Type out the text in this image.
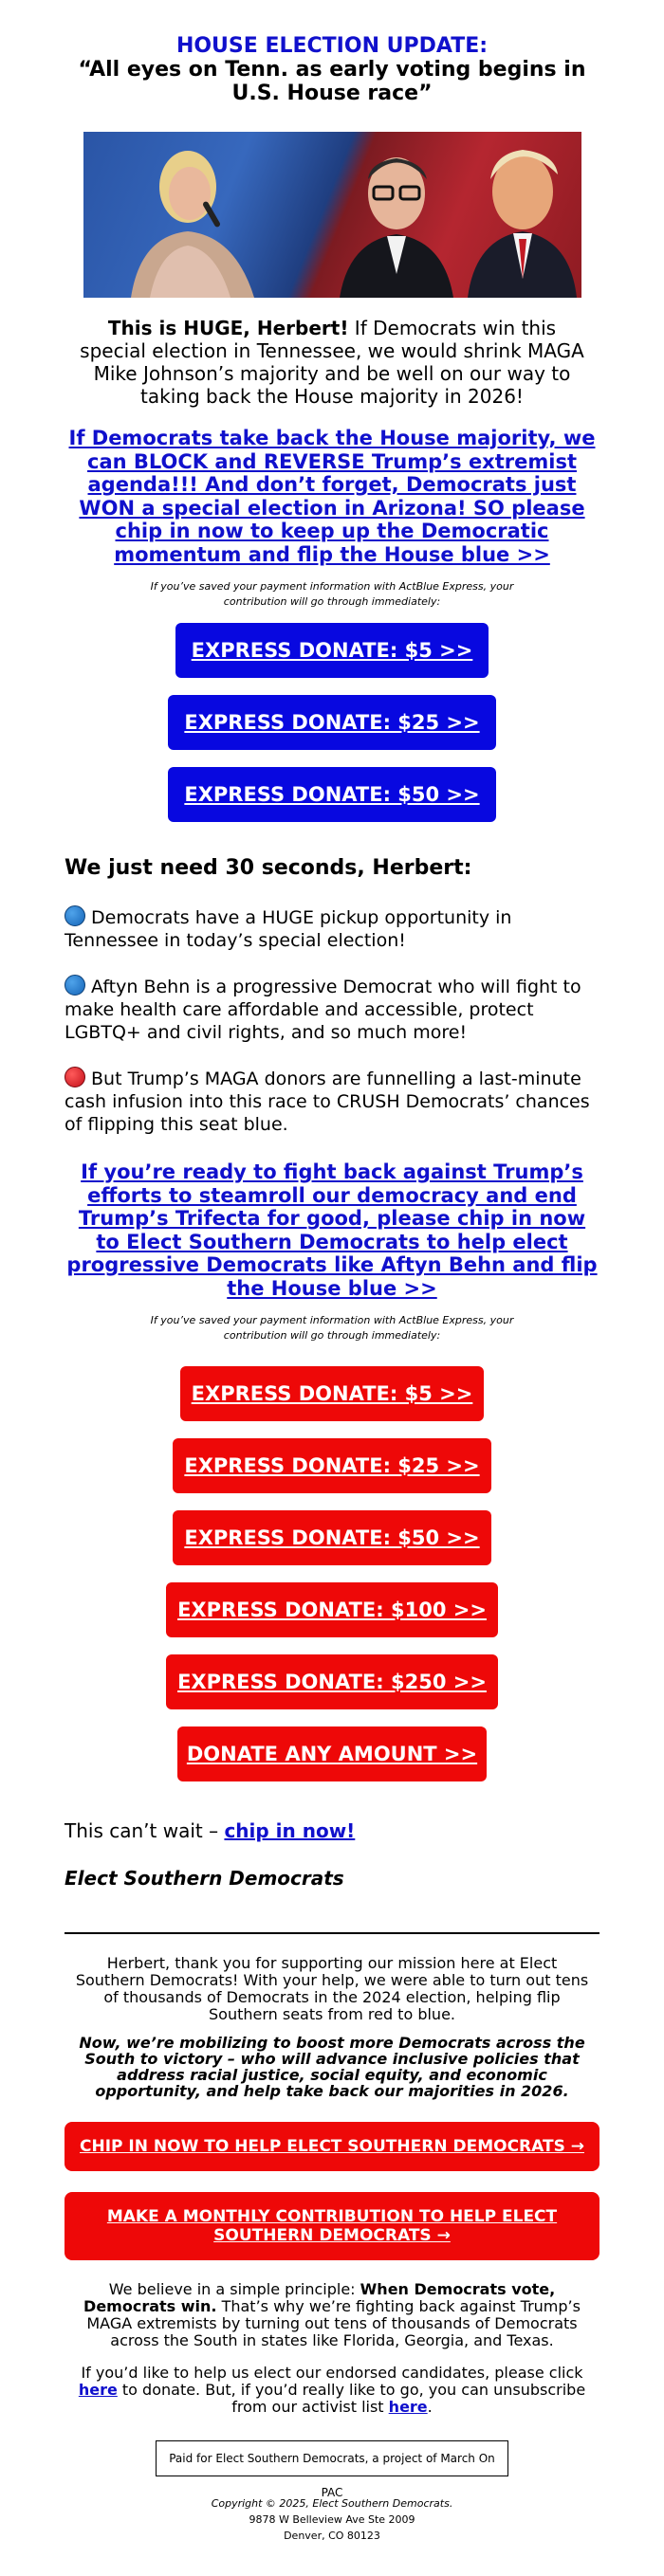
HOUSE ELECTION UPDATE:
“All eyes on Tenn. as early voting begins in U.S. House race”
This is HUGE, Herbert! If Democrats win this special election in Tennessee, we would shrink MAGA Mike Johnson’s majority and be well on our way to taking back the House majority in 2026!
If Democrats take back the House majority, we can BLOCK and REVERSE Trump’s extremist agenda!!! And don’t forget, Democrats just WON a special election in Arizona! SO please chip in now to keep up the Democratic momentum and flip the House blue >>
If you’ve saved your payment information with ActBlue Express, your contribution will go through immediately:
EXPRESS DONATE: $5 >>
EXPRESS DONATE: $25 >>
EXPRESS DONATE: $50 >>
We just need 30 seconds, Herbert:
Democrats have a HUGE pickup opportunity in Tennessee in today’s special election!
Aftyn Behn is a progressive Democrat who will fight to make health care affordable and accessible, protect LGBTQ+ and civil rights, and so much more!
But Trump’s MAGA donors are funnelling a last-minute cash infusion into this race to CRUSH Democrats’ chances of flipping this seat blue.
If you’re ready to fight back against Trump’s efforts to steamroll our democracy and end Trump’s Trifecta for good, please chip in now to Elect Southern Democrats to help elect progressive Democrats like Aftyn Behn and flip the House blue >>
If you’ve saved your payment information with ActBlue Express, your contribution will go through immediately:
EXPRESS DONATE: $5 >>
EXPRESS DONATE: $25 >>
EXPRESS DONATE: $50 >>
EXPRESS DONATE: $100 >>
EXPRESS DONATE: $250 >>
DONATE ANY AMOUNT >>
This can’t wait – chip in now!
Elect Southern Democrats
Herbert, thank you for supporting our mission here at Elect Southern Democrats! With your help, we were able to turn out tens of thousands of Democrats in the 2024 election, helping flip Southern seats from red to blue.
Now, we’re mobilizing to boost more Democrats across the South to victory – who will advance inclusive policies that address racial justice, social equity, and economic opportunity, and help take back our majorities in 2026.
CHIP IN NOW TO HELP ELECT SOUTHERN DEMOCRATS →
MAKE A MONTHLY CONTRIBUTION TO HELP ELECT SOUTHERN DEMOCRATS →
We believe in a simple principle: When Democrats vote, Democrats win. That’s why we’re fighting back against Trump’s MAGA extremists by turning out tens of thousands of Democrats across the South in states like Florida, Georgia, and Texas.
If you’d like to help us elect our endorsed candidates, please click here to donate. But, if you’d really like to go, you can unsubscribe from our activist list here.
Paid for Elect Southern Democrats, a project of March On PAC
Copyright © 2025, Elect Southern Democrats.
9878 W Belleview Ave Ste 2009
Denver, CO 80123
